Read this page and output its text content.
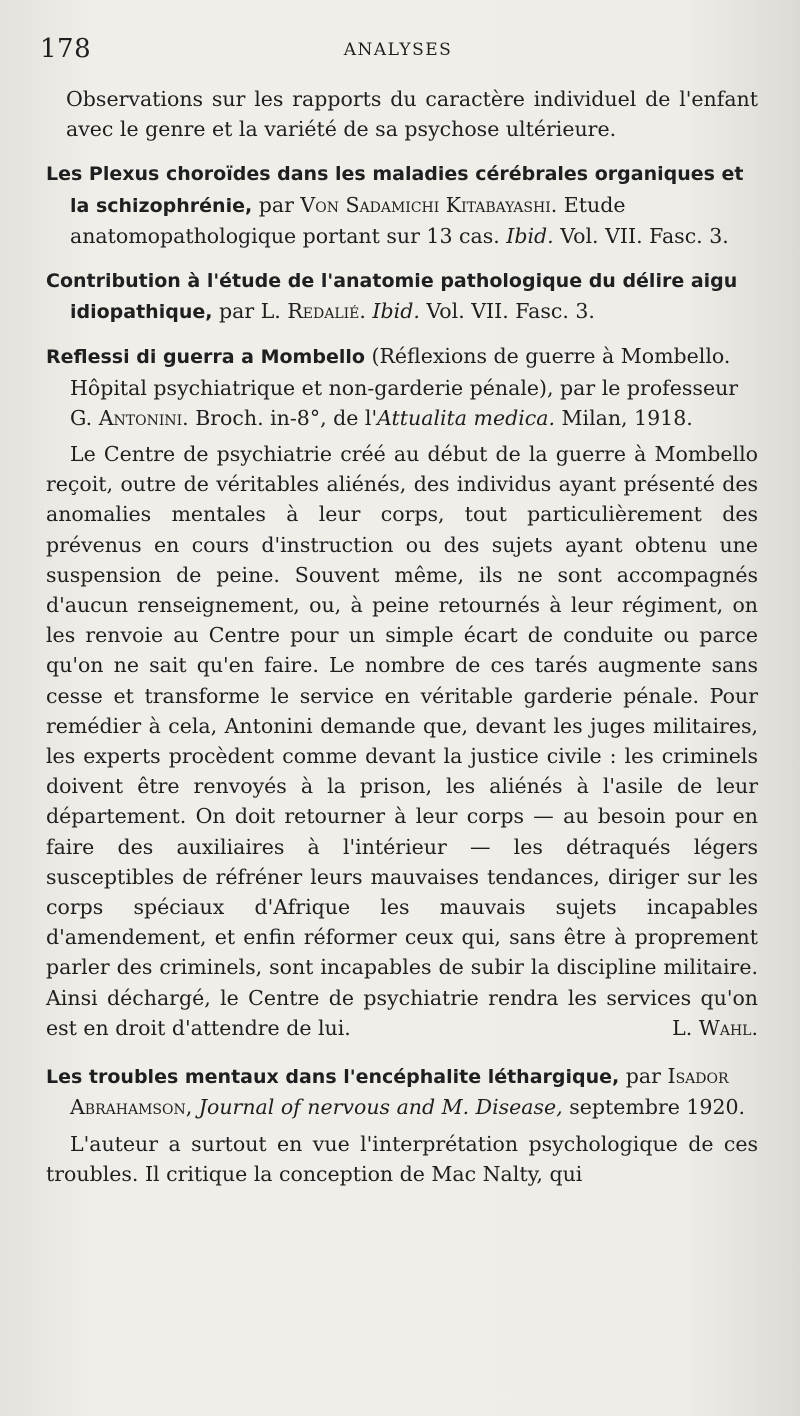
178	ANALYSES
Observations sur les rapports du caractère individuel de l'enfant avec le genre et la variété de sa psychose ultérieure.
Les Plexus choroïdes dans les maladies cérébrales organiques et la schizophrénie, par Von Sadamichi Kitabayashi. Etude anatomopathologique portant sur 13 cas. Ibid. Vol. VII. Fasc. 3.
Contribution à l'étude de l'anatomie pathologique du délire aigu idiopathique, par L. Redalié. Ibid. Vol. VII. Fasc. 3.
Reflessi di guerra a Mombello (Réflexions de guerre à Mombello. Hôpital psychiatrique et non-garderie pénale), par le professeur G. Antonini. Broch. in-8°, de l'Attualita medica. Milan, 1918.

Le Centre de psychiatrie créé au début de la guerre à Mombello reçoit, outre de véritables aliénés, des individus ayant présenté des anomalies mentales à leur corps, tout particulièrement des prévenus en cours d'instruction ou des sujets ayant obtenu une suspension de peine. Souvent même, ils ne sont accompagnés d'aucun renseignement, ou, à peine retournés à leur régiment, on les renvoie au Centre pour un simple écart de conduite ou parce qu'on ne sait qu'en faire. Le nombre de ces tarés augmente sans cesse et transforme le service en véritable garderie pénale. Pour remédier à cela, Antonini demande que, devant les juges militaires, les experts procèdent comme devant la justice civile : les criminels doivent être renvoyés à la prison, les aliénés à l'asile de leur département. On doit retourner à leur corps — au besoin pour en faire des auxiliaires à l'intérieur — les détraqués légers susceptibles de réfréner leurs mauvaises tendances, diriger sur les corps spéciaux d'Afrique les mauvais sujets incapables d'amendement, et enfin réformer ceux qui, sans être à proprement parler des criminels, sont incapables de subir la discipline militaire. Ainsi déchargé, le Centre de psychiatrie rendra les services qu'on est en droit d'attendre de lui.	L. Wahl.

Les troubles mentaux dans l'encéphalite léthargique, par Isador Abrahamson, Journal of nervous and M. Disease, septembre 1920.

L'auteur a surtout en vue l'interprétation psychologique de ces troubles. Il critique la conception de Mac Nalty, qui
